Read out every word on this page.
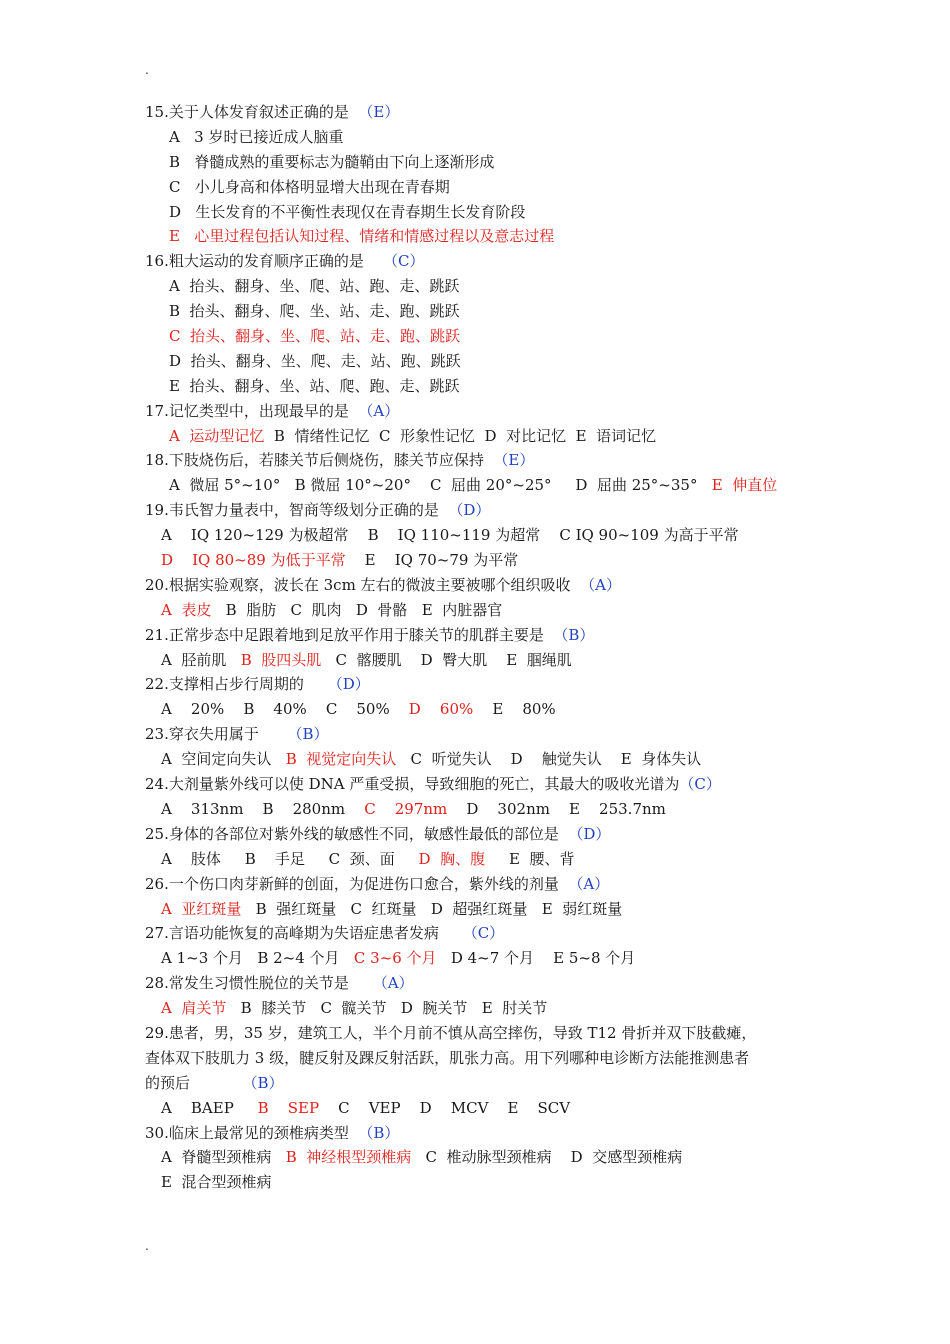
.
15.关于人体发育叙述正确的是  （E）
A   3 岁时已接近成人脑重
B   脊髓成熟的重要标志为髓鞘由下向上逐渐形成
C   小儿身高和体格明显增大出现在青春期
D   生长发育的不平衡性表现仅在青春期生长发育阶段
E   心里过程包括认知过程、情绪和情感过程以及意志过程
16.粗大运动的发育顺序正确的是    （C）
A  抬头、翻身、坐、爬、站、跑、走、跳跃
B  抬头、翻身、爬、坐、站、走、跑、跳跃
C  抬头、翻身、坐、爬、站、走、跑、跳跃
D  抬头、翻身、坐、爬、走、站、跑、跳跃
E  抬头、翻身、坐、站、爬、跑、走、跳跃
17.记忆类型中，出现最早的是  （A）
A  运动型记忆  B  情绪性记忆  C  形象性记忆  D  对比记忆  E  语词记忆
18.下肢烧伤后，若膝关节后侧烧伤，膝关节应保持  （E）
A  微屈 5°~10°   B 微屈 10°~20°    C  屈曲 20°~25°     D  屈曲 25°~35°   E  伸直位
19.韦氏智力量表中，智商等级划分正确的是  （D）
A    IQ 120~129 为极超常    B    IQ 110~119 为超常    C IQ 90~109 为高于平常
D    IQ 80~89 为低于平常    E    IQ 70~79 为平常
20.根据实验观察，波长在 3cm 左右的微波主要被哪个组织吸收  （A）
A  表皮   B  脂肪   C  肌肉   D  骨骼   E  内脏器官
21.正常步态中足跟着地到足放平作用于膝关节的肌群主要是  （B）
A  胫前肌   B  股四头肌   C  髂腰肌    D  臀大肌    E  腘绳肌
22.支撑相占步行周期的     （D）
A    20%    B    40%    C    50%    D    60%    E    80%
23.穿衣失用属于      （B）
A  空间定向失认   B  视觉定向失认   C  听觉失认    D    触觉失认    E  身体失认
24.大剂量紫外线可以使 DNA 严重受损，导致细胞的死亡，其最大的吸收光谱为（C）
A    313nm    B    280nm    C    297nm    D    302nm    E    253.7nm
25.身体的各部位对紫外线的敏感性不同，敏感性最低的部位是  （D）
A    肢体     B    手足     C  颈、面     D  胸、腹     E  腰、背
26.一个伤口肉芽新鲜的创面，为促进伤口愈合，紫外线的剂量  （A）
A  亚红斑量   B  强红斑量   C  红斑量   D  超强红斑量   E  弱红斑量
27.言语功能恢复的高峰期为失语症患者发病     （C）
A 1~3 个月   B 2~4 个月   C 3~6 个月   D 4~7 个月    E 5~8 个月
28.常发生习惯性脱位的关节是     （A）
A  肩关节   B  膝关节   C  髋关节   D  腕关节   E  肘关节
29.患者，男，35 岁，建筑工人，半个月前不慎从高空摔伤，导致 T12 骨折并双下肢截瘫，
查体双下肢肌力 3 级，腱反射及踝反射活跃，肌张力高。用下列哪种电诊断方法能推测患者
的预后           （B）
A    BAEP     B    SEP    C    VEP    D    MCV    E    SCV
30.临床上最常见的颈椎病类型  （B）
A  脊髓型颈椎病   B  神经根型颈椎病   C  椎动脉型颈椎病    D  交感型颈椎病
E  混合型颈椎病
.
